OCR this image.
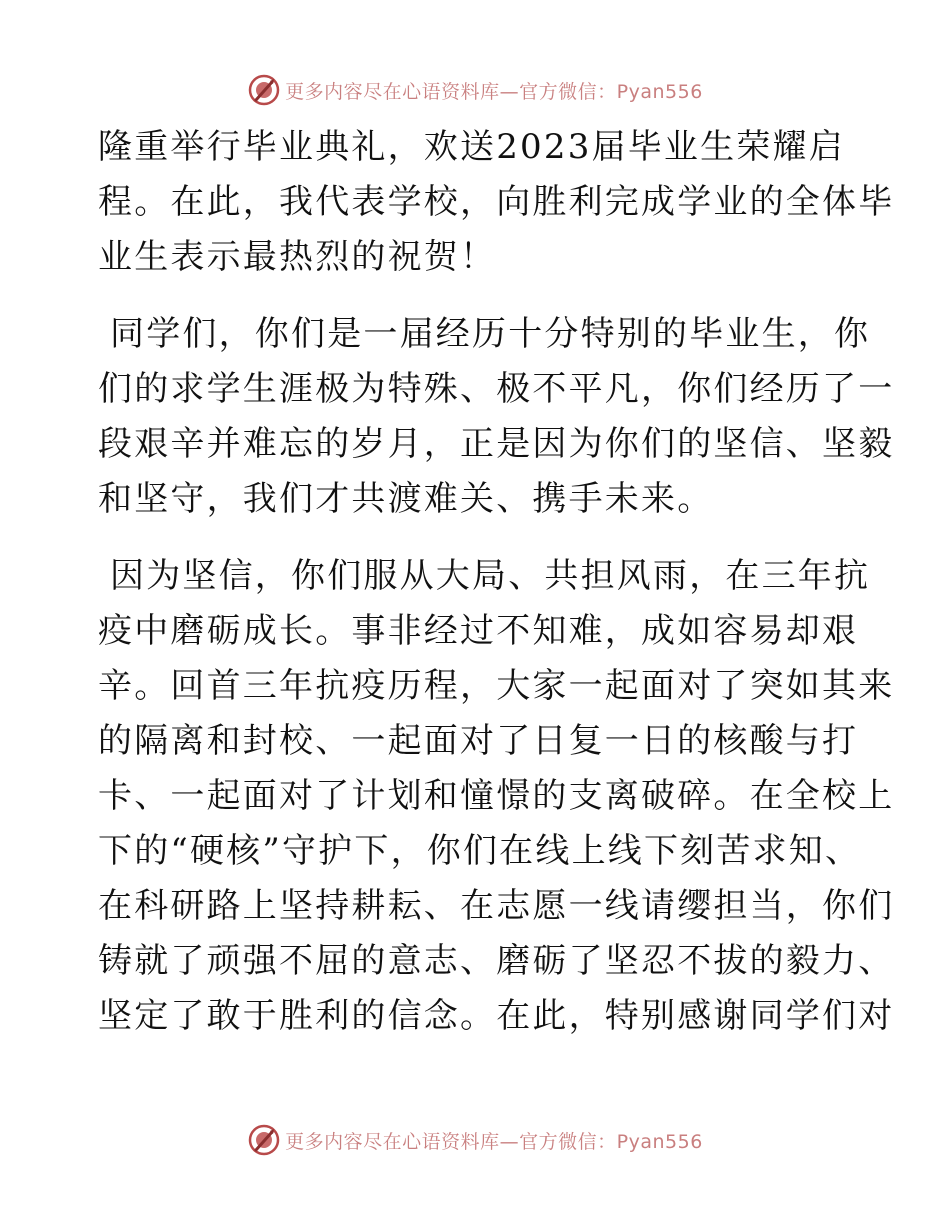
更多内容尽在心语资料库—官方微信：Pyan556
隆重举行毕业典礼，欢送2023届毕业生荣耀启
程。在此，我代表学校，向胜利完成学业的全体毕
业生表示最热烈的祝贺！
同学们，你们是一届经历十分特别的毕业生，你
们的求学生涯极为特殊、极不平凡，你们经历了一
段艰辛并难忘的岁月，正是因为你们的坚信、坚毅
和坚守，我们才共渡难关、携手未来。
因为坚信，你们服从大局、共担风雨，在三年抗
疫中磨砺成长。事非经过不知难，成如容易却艰
辛。回首三年抗疫历程，大家一起面对了突如其来
的隔离和封校、一起面对了日复一日的核酸与打
卡、一起面对了计划和憧憬的支离破碎。在全校上
下的“硬核”守护下，你们在线上线下刻苦求知、
在科研路上坚持耕耘、在志愿一线请缨担当，你们
铸就了顽强不屈的意志、磨砺了坚忍不拔的毅力、
坚定了敢于胜利的信念。在此，特别感谢同学们对
更多内容尽在心语资料库—官方微信：Pyan556
